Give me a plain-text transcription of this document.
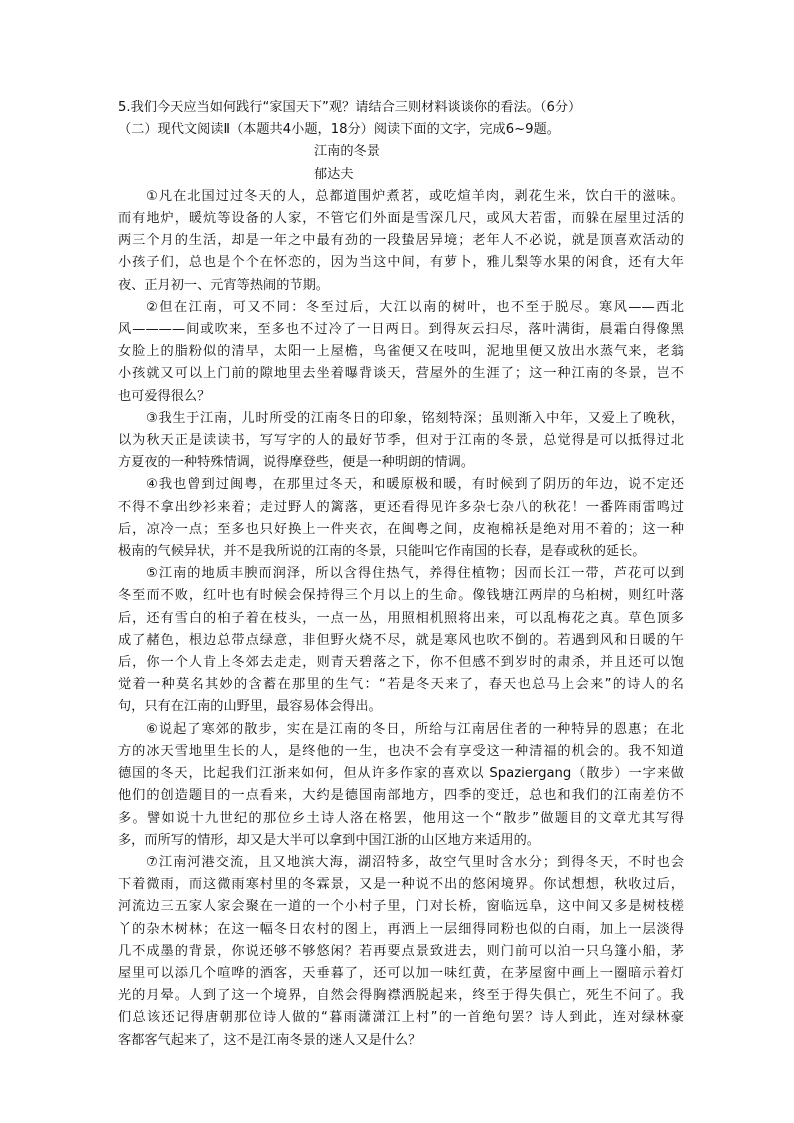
5.我们今天应当如何践行“家国天下”观？请结合三则材料谈谈你的看法。（6分）
（二）现代文阅读Ⅱ（本题共4小题，18分）阅读下面的文字，完成6~9题。
江南的冬景
郁达夫
①凡在北国过过冬天的人，总都道围炉煮茗，或吃煊羊肉，剥花生米，饮白干的滋味。
而有地炉，暖炕等设备的人家，不管它们外面是雪深几尺，或风大若雷，而躲在屋里过活的
两三个月的生活，却是一年之中最有劲的一段蛰居异境；老年人不必说，就是顶喜欢活动的
小孩子们，总也是个个在怀恋的，因为当这中间，有萝卜，雅儿梨等水果的闲食，还有大年
夜、正月初一、元宵等热闹的节期。
②但在江南，可又不同：冬至过后，大江以南的树叶，也不至于脱尽。寒风——西北
风————间或吹来，至多也不过冷了一日两日。到得灰云扫尽，落叶满街，晨霜白得像黑
女脸上的脂粉似的清早，太阳一上屋檐，鸟雀便又在吱叫，泥地里便又放出水蒸气来，老翁
小孩就又可以上门前的隙地里去坐着曝背谈天，营屋外的生涯了；这一种江南的冬景，岂不
也可爱得很么？
③我生于江南，儿时所受的江南冬日的印象，铭刻特深；虽则渐入中年，又爱上了晚秋，
以为秋天正是读读书，写写字的人的最好节季，但对于江南的冬景，总觉得是可以抵得过北
方夏夜的一种特殊情调，说得摩登些，便是一种明朗的情调。
④我也曾到过闽粤，在那里过冬天，和暖原极和暖，有时候到了阴历的年边，说不定还
不得不拿出纱衫来着；走过野人的篱落，更还看得见许多杂七杂八的秋花！一番阵雨雷鸣过
后，凉冷一点；至多也只好换上一件夹衣，在闽粤之间，皮袍棉袄是绝对用不着的；这一种
极南的气候异状，并不是我所说的江南的冬景，只能叫它作南国的长春，是春或秋的延长。
⑤江南的地质丰腴而润泽，所以含得住热气，养得住植物；因而长江一带，芦花可以到
冬至而不败，红叶也有时候会保持得三个月以上的生命。像钱塘江两岸的乌桕树，则红叶落
后，还有雪白的桕子着在枝头，一点一丛，用照相机照将出来，可以乱梅花之真。草色顶多
成了赭色，根边总带点绿意，非但野火烧不尽，就是寒风也吹不倒的。若遇到风和日暖的午
后，你一个人肯上冬郊去走走，则青天碧落之下，你不但感不到岁时的肃杀，并且还可以饱
觉着一种莫名其妙的含蓄在那里的生气：“若是冬天来了，春天也总马上会来”的诗人的名
句，只有在江南的山野里，最容易体会得出。
⑥说起了寒郊的散步，实在是江南的冬日，所给与江南居住者的一种特异的恩惠；在北
方的冰天雪地里生长的人，是终他的一生，也决不会有享受这一种清福的机会的。我不知道
德国的冬天，比起我们江浙来如何，但从许多作家的喜欢以 Spaziergang（散步）一字来做
他们的创造题目的一点看来，大约是德国南部地方，四季的变迁，总也和我们的江南差仿不
多。譬如说十九世纪的那位乡土诗人洛在格罢，他用这一个“散步”做题目的文章尤其写得
多，而所写的情形，却又是大半可以拿到中国江浙的山区地方来适用的。
⑦江南河港交流，且又地滨大海，湖沼特多，故空气里时含水分；到得冬天，不时也会
下着微雨，而这微雨寒村里的冬霖景，又是一种说不出的悠闲境界。你试想想，秋收过后，
河流边三五家人家会聚在一道的一个小村子里，门对长桥，窗临远阜，这中间又多是树枝槎
丫的杂木树林；在这一幅冬日农村的图上，再洒上一层细得同粉也似的白雨，加上一层淡得
几不成墨的背景，你说还够不够悠闲？若再要点景致进去，则门前可以泊一只乌篷小船，茅
屋里可以添几个喧哗的酒客，天垂暮了，还可以加一味红黄，在茅屋窗中画上一圈暗示着灯
光的月晕。人到了这一个境界，自然会得胸襟洒脱起来，终至于得失俱亡，死生不问了。我
们总该还记得唐朝那位诗人做的“暮雨潇潇江上村”的一首绝句罢？诗人到此，连对绿林豪
客都客气起来了，这不是江南冬景的迷人又是什么？
